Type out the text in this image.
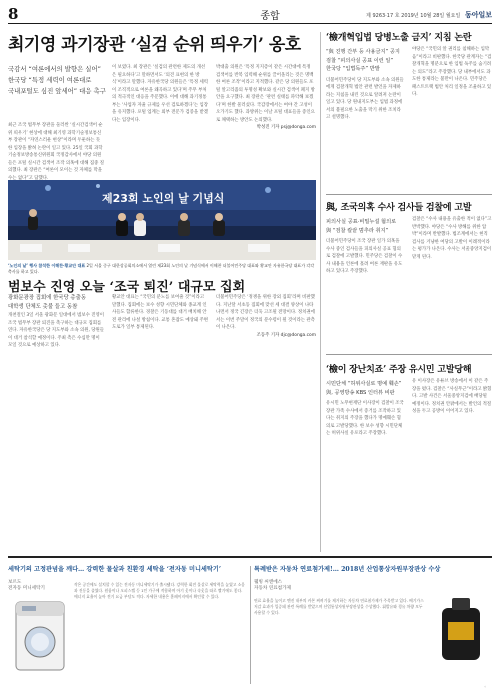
8	종합	제 9263·17 호 2019년 10월 28일 월요일 동아일보
최기영 과기장관 ‘실검 순위 띄우기’ 옹호
국감서 “여론에서의 발향은 실어”
한국당 “특정 세력이 여론대로
국내포털도 심진 앞세어” 대응 촉구
최근 조국 법무부 장관을 둘러싼 ‘실시간검색어 순위 띄우기’ 현상에 대해 최기영 과학기술정보통신부 장관이 “자연스러운 현상”이라며 두둔하는 듯한 입장을 밝혀 논란이 일고 있다. 25일 국회 과학기술정보방송통신위원회 국정감사에서 야당 의원들은 포털 실시간 검색어 조작 의혹에 대해 집중 질의했다. 최 장관은 “여론이 모이는 것 자체를 막을 수는 없다”고 답했다.
이 보였다. 최 장관은 ‘실검의 관련한 제도의 개선은 필요하다’고 말하면서도 ‘의견 표현의 한 방식’이라고 말했다. 자유한국당 의원들은 ‘특정 세력이 조직적으로 여론을 왜곡하고 있다’며 주무 부처의 적극적인 대응을 주문했다. 이에 대해 과기정통부는 ‘사업자 자율 규제를 우선 검토하겠다’는 입장을 유지했다. 포털 업계는 외부 전문가 검증을 받겠다는 입장이다.
박대출 의원은 ‘특정 지지층이 같은 시간대에 특정 검색어를 반복 입력해 순위를 끌어올리는 것은 명백한 여론 조작’이라고 지적했다. 같은 당 의원들도 포털 알고리즘의 투명성 확보와 실시간 검색어 폐지 방안을 요구했다. 최 장관은 ‘관련 실태를 파악해 보겠다’며 한발 물러섰다. 국감장에서는 여야 간 고성이 오가기도 했다. 과방위는 이날 포털 대표들을 증인으로 채택하는 방안도 논의했다.
박성진 기자 psj@donga.com
제23회 노인의 날 기념식
‘노인의 날’ 행사 참석한 이해찬·황교안 대표 2일 서울 중구 대한상공회의소에서 열린 제23회 노인의 날 기념식에서 이해찬 더불어민주당 대표와 황교안 자유한국당 대표가 각각 축사를 하고 있다.
범보수 진영 오늘 ‘조국 퇴진’ 대규모 집회
광화문광장 집회에 한국당 총출동
대학생 단체도 촛불 들고 동참
개천절인 3일 서울 광화문 일대에서 범보수 진영이 조국 법무부 장관 퇴진을 촉구하는 대규모 집회를 연다. 자유한국당은 당 지도부와 소속 의원, 당원들이 대거 참석할 예정이다. 주최 측은 수십만 명이 모일 것으로 예상하고 있다.
황교안 대표는 “국민의 분노를 보여줄 것”이라고 말했다. 집회에는 보수 성향 시민단체와 종교계 인사들도 합류한다. 경찰은 기동대를 대거 배치해 안전 관리에 나설 방침이다. 교통 혼잡도 예상돼 주변 도로가 일부 통제된다.
더불어민주당은 ‘정쟁을 위한 장외 집회’라며 비판했다. 지난달 서초동 집회에 맞선 세 대결 양상이 나타나면서 정국 긴장은 더욱 고조될 전망이다. 정치권에서는 이번 주말이 정국의 분수령이 될 것이라는 관측이 나온다.
조동주 기자 djc@donga.com
‘檢개혁입법 당병노출 금지’ 지침 논란
“與 진행 간부 등 사용금지” 공지
검찰 “피의사실 공표 이런 일”
한국당 “입법독주” 반발
더불어민주당이 당 지도부와 소속 의원들에게 검찰개혁 법안 관련 발언을 자제하라는 지침을 내린 것으로 알려져 논란이 일고 있다. 당 원내지도부는 입법 과정에서의 불필요한 노출을 막기 위한 조치라고 설명했다.
야당은 “국민의 알 권리를 침해하는 입막음”이라고 비판했다. 한국당 관계자는 “검찰개혁을 명분으로 한 입법 독주를 숨기려는 의도”라고 주장했다. 당 내부에서도 과도한 통제라는 불만이 나온다. 민주당은 패스트트랙 법안 처리 일정을 조율하고 있다.
與, 조국의혹 수사 검사들 검찰에 고발
피의사실 공표·비밀누설 혐의로
與 “검찰 칼끝 멈추라 취지”
더불어민주당이 조국 장관 일가 의혹을 수사 중인 검사들을 피의사실 공표 혐의로 검찰에 고발했다. 민주당은 검찰이 수사 내용을 언론에 흘려 여론 재판을 유도하고 있다고 주장했다.
검찰은 “수사 내용을 유출한 적이 없다”고 반박했다. 야당은 “수사 방해를 위한 압박”이라며 반발했다. 법조계에서는 현직 검사를 겨냥한 여당의 고발이 이례적이라는 평가가 나온다. 수사는 서울중앙지검이 맡게 된다.
‘檢이 장난치죠’ 주장 유시민 고발당해
시민단체 “허위사실로 명예 훼손”
與, 공영방송 KBS 인터뷰 비판
유시민 노무현재단 이사장이 검찰이 조국 장관 가족 수사에서 증거를 조작하고 있다는 취지의 주장을 했다가 명예훼손 혐의로 고발당했다. 한 보수 성향 시민단체는 허위사실 유포라고 주장했다.
유 이사장은 유튜브 방송에서 이 같은 주장을 폈다. 검찰은 “사실무근”이라고 밝혔다. 고발 사건은 서울중앙지검에 배당될 예정이다. 정치권 안팎에서는 발언의 적절성을 두고 공방이 이어지고 있다.
세탁기의 고정관념을 깨다… 강력한 물살과 친환경 세탁을 ‘전자동 미니세탁기’
보르도
전자동 미니세탁기
작은 공간에도 설치할 수 있는 전자동 미니세탁기가 출시됐다. 강력한 회전 물살로 세탁력을 높였고 소음과 진동을 줄였다. 원룸이나 오피스텔 등 1인 가구에 적합하며 아기 옷이나 속옷을 따로 빨기에도 좋다. 에너지 효율이 높아 전기 요금 부담도 적다. 자세한 내용은 홈페이지에서 확인할 수 있다.
특례받은 자동차 연료첨가제!… 2018년 산업통상자원부장관상 수상
웰빙 씨앤에스
자동차 연료첨가제
연료 효율을 높이고 엔진 내부의 카본 찌꺼기를 제거하는 자동차 연료첨가제가 주목받고 있다. 배기가스 저감 효과가 입증돼 관련 특례를 받았으며 산업통상자원부장관상을 수상했다. 휘발유와 경유 차량 모두 사용할 수 있다.
◦
